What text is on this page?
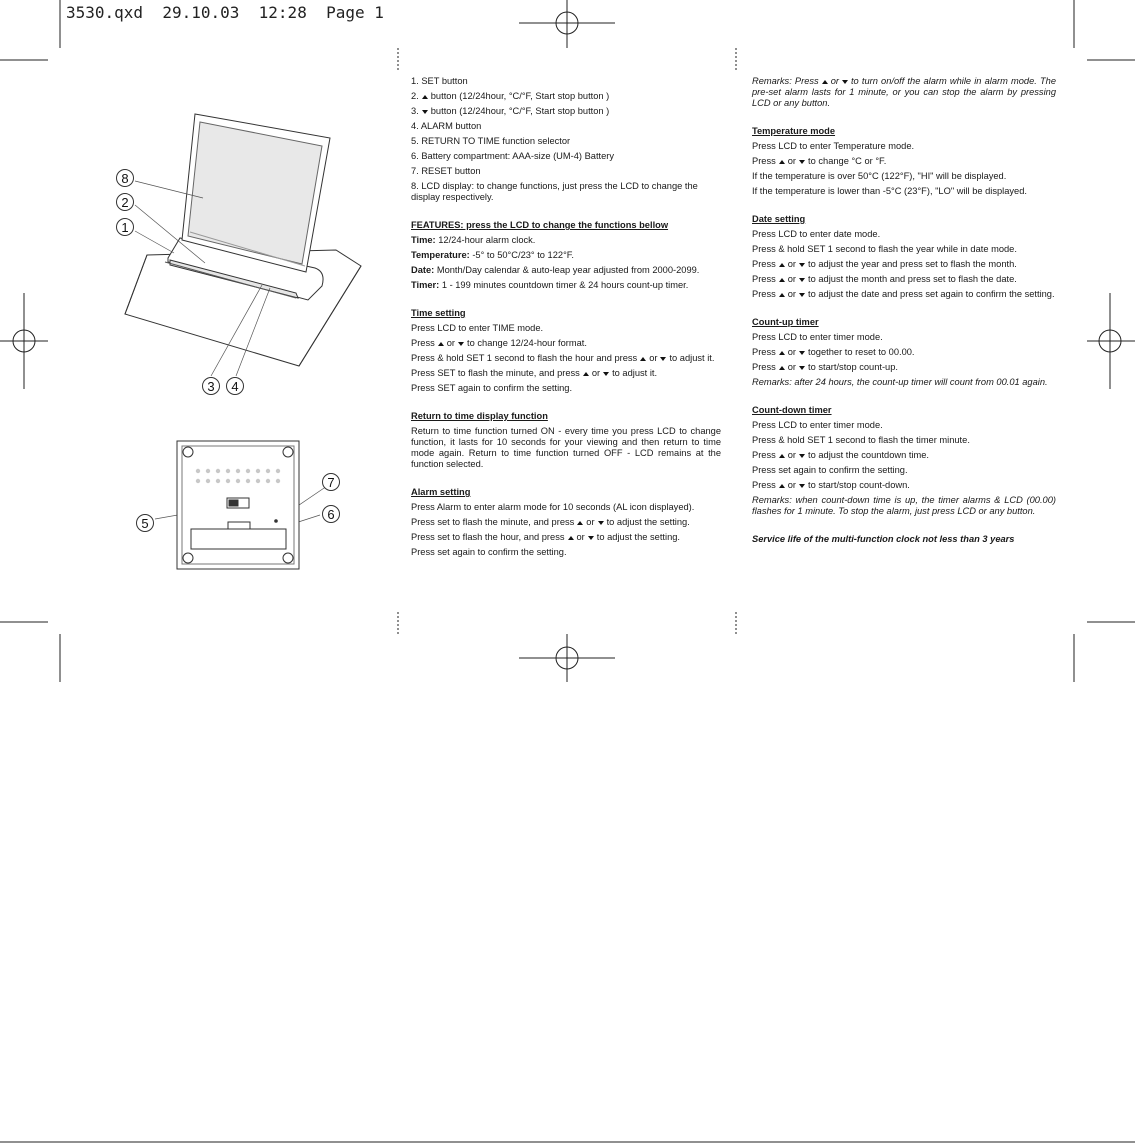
3530.qxd  29.10.03  12:28  Page 1
8
2
1
3 4
7
5
6

1. SET button

2. button (12/24hour, °C/°F, Start stop button )

3. button (12/24hour, °C/°F, Start stop button )

4. ALARM button

5. RETURN TO TIME function selector

6. Battery compartment: AAA-size (UM-4) Battery

7. RESET button

8. LCD display: to change functions, just press the LCD to change the display respectively.

FEATURES: press the LCD to change the functions bellow

Time: 12/24-hour alarm clock.

Temperature: -5° to 50°C/23° to 122°F.

Date: Month/Day calendar & auto-leap year adjusted from 2000-2099.

Timer: 1 - 199 minutes countdown timer & 24 hours count-up timer.

Time setting

Press LCD to enter TIME mode.

Press or to change 12/24-hour format.

Press & hold SET 1 second to flash the hour and press or to adjust it.

Press SET to flash the minute, and press or to adjust it.

Press SET again to confirm the setting.

Return to time display function

Return to time function turned ON - every time you press LCD to change function, it lasts for 10 seconds for your viewing and then return to time mode again. Return to time function turned OFF - LCD remains at the function selected.

Alarm setting

Press Alarm to enter alarm mode for 10 seconds (AL icon displayed).

Press set to flash the minute, and press or to adjust the setting.

Press set to flash the hour, and press or to adjust the setting.

Press set again to confirm the setting.

Remarks: Press or to turn on/off the alarm while in alarm mode. The pre-set alarm lasts for 1 minute, or you can stop the alarm by pressing LCD or any button.

Temperature mode

Press LCD to enter Temperature mode.

Press or to change °C or °F.

If the temperature is over 50°C (122°F), "HI" will be displayed.

If the temperature is lower than -5°C (23°F), "LO" will be displayed.

Date setting

Press LCD to enter date mode.

Press & hold SET 1 second to flash the year while in date mode.

Press or to adjust the year and press set to flash the month.

Press or to adjust the month and press set to flash the date.

Press or to adjust the date and press set again to confirm the setting.

Count-up timer

Press LCD to enter timer mode.

Press or together to reset to 00.00.

Press or to start/stop count-up.

Remarks: after 24 hours, the count-up timer will count from 00.01 again.

Count-down timer

Press LCD to enter timer mode.

Press & hold SET 1 second to flash the timer minute.

Press or to adjust the countdown time.

Press set again to confirm the setting.

Press or to start/stop count-down.

Remarks: when count-down time is up, the timer alarms & LCD (00.00) flashes for 1 minute. To stop the alarm, just press LCD or any button.

Service life of the multi-function clock not less than 3 years
